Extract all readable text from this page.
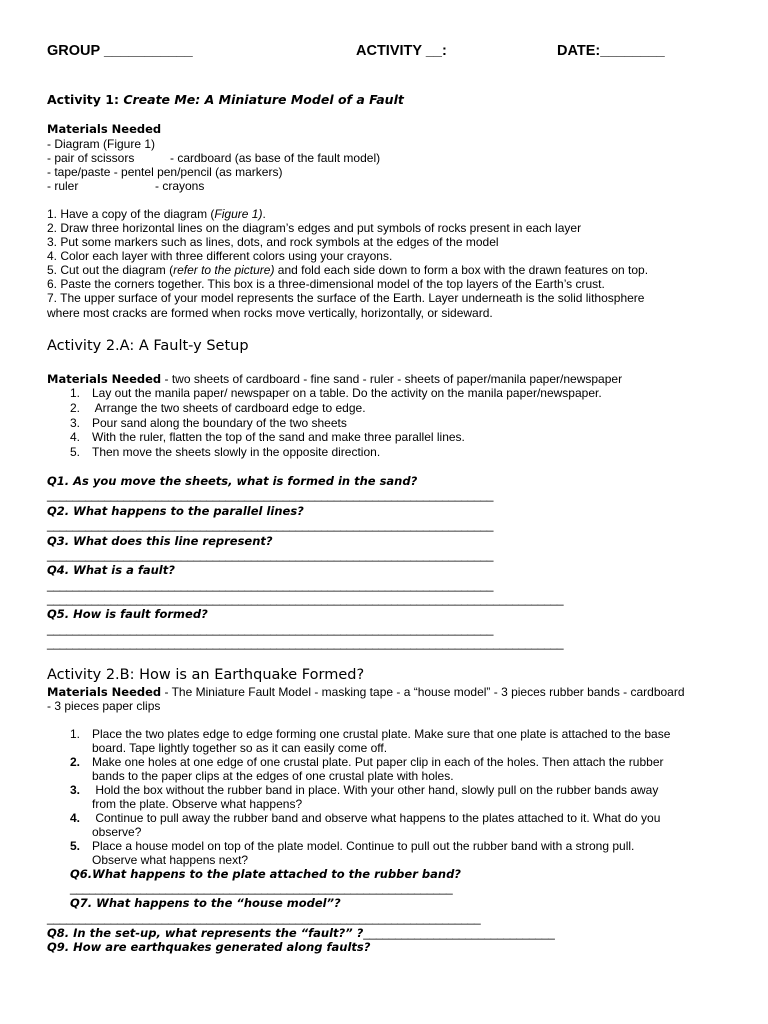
GROUP ___________	ACTIVITY __:	DATE:________
Activity 1: Create Me: A Miniature Model of a Fault
Materials Needed
- Diagram (Figure 1)
- pair of scissors	- cardboard (as base of the fault model)
- tape/paste - pentel pen/pencil (as markers)
- ruler	- crayons
1. Have a copy of the diagram (Figure 1).
2. Draw three horizontal lines on the diagram’s edges and put symbols of rocks present in each layer
3. Put some markers such as lines, dots, and rock symbols at the edges of the model
4. Color each layer with three different colors using your crayons.
5. Cut out the diagram (refer to the picture) and fold each side down to form a box with the drawn features on top.
6. Paste the corners together. This box is a three-dimensional model of the top layers of the Earth’s crust.
7. The upper surface of your model represents the surface of the Earth. Layer underneath is the solid lithosphere
where most cracks are formed when rocks move vertically, horizontally, or sideward.
Activity 2.A: A Fault-y Setup
Materials Needed - two sheets of cardboard - fine sand - ruler - sheets of paper/manila paper/newspaper
1. Lay out the manila paper/ newspaper on a table. Do the activity on the manila paper/newspaper.
2. Arrange the two sheets of cardboard edge to edge.
3. Pour sand along the boundary of the two sheets
4. With the ruler, flatten the top of the sand and make three parallel lines.
5. Then move the sheets slowly in the opposite direction.
Q1. As you move the sheets, what is formed in the sand?
______________________________________________________________________
Q2. What happens to the parallel lines?
______________________________________________________________________
Q3. What does this line represent?
______________________________________________________________________
Q4. What is a fault?
______________________________________________________________________
_________________________________________________________________________________
Q5. How is fault formed?
______________________________________________________________________
_________________________________________________________________________________
Activity 2.B: How is an Earthquake Formed?
Materials Needed - The Miniature Fault Model - masking tape - a “house model” - 3 pieces rubber bands - cardboard
- 3 pieces paper clips

1.

Place the two plates edge to edge forming one crustal plate. Make sure that one plate is attached to the base

board. Tape lightly together so as it can easily come off.

2.

Make one holes at one edge of one crustal plate. Put paper clip in each of the holes. Then attach the rubber

bands to the paper clips at the edges of one crustal plate with holes.

3.

Hold the box without the rubber band in place. With your other hand, slowly pull on the rubber bands away

from the plate. Observe what happens?

4.

Continue to pull away the rubber band and observe what happens to the plates attached to it. What do you

observe?

5.

Place a house model on top of the plate model. Continue to pull out the rubber band with a strong pull.

Observe what happens next?

Q6.What happens to the plate attached to the rubber band?
____________________________________________________________
Q7. What happens to the “house model”?
____________________________________________________________________
Q8. In the set-up, what represents the “fault?” ?______________________________
Q9. How are earthquakes generated along faults?
